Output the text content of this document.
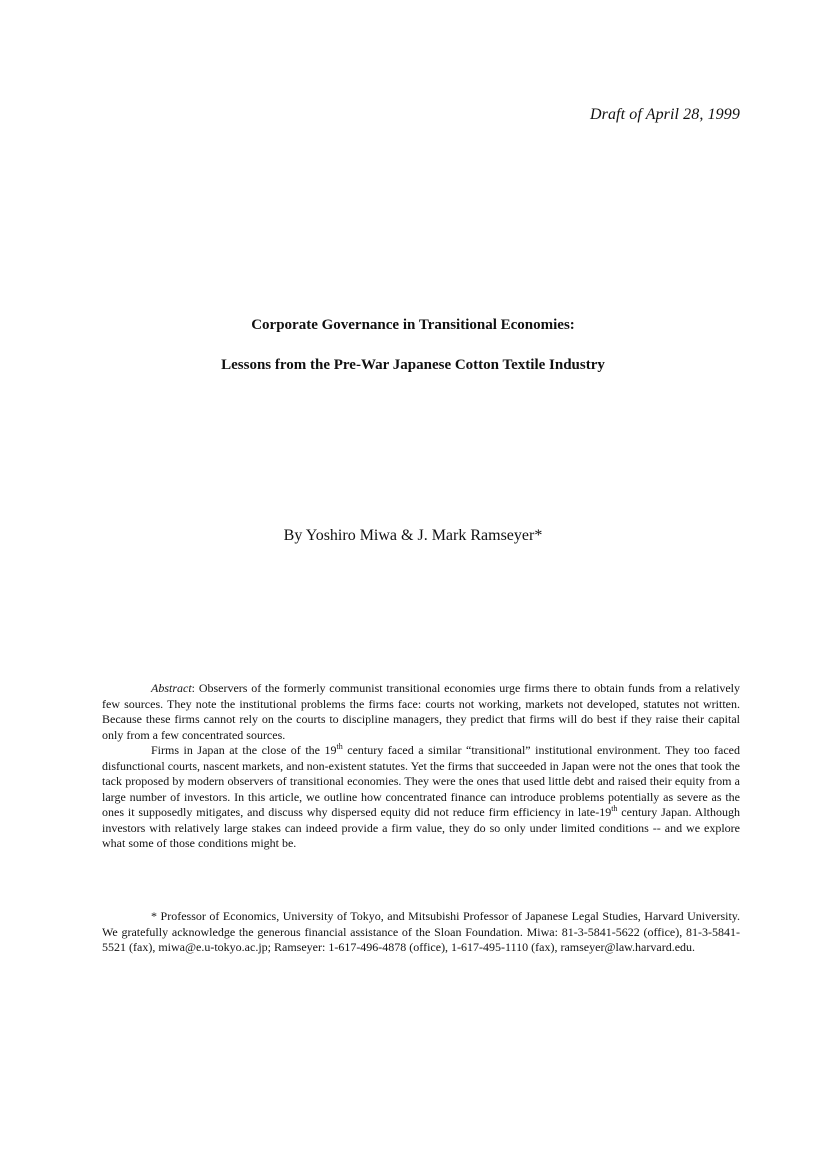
Draft of April 28, 1999
Corporate Governance in Transitional Economies:
Lessons from the Pre-War Japanese Cotton Textile Industry
By Yoshiro Miwa & J. Mark Ramseyer*

Abstract: Observers of the formerly communist transitional economies urge firms there to obtain funds from a relatively few sources. They note the institutional problems the firms face: courts not working, markets not developed, statutes not written. Because these firms cannot rely on the courts to discipline managers, they predict that firms will do best if they raise their capital only from a few concentrated sources.

Firms in Japan at the close of the 19th century faced a similar “transitional” institutional environment. They too faced disfunctional courts, nascent markets, and non-existent statutes. Yet the firms that succeeded in Japan were not the ones that took the tack proposed by modern observers of transitional economies. They were the ones that used little debt and raised their equity from a large number of investors. In this article, we outline how concentrated finance can introduce problems potentially as severe as the ones it supposedly mitigates, and discuss why dispersed equity did not reduce firm efficiency in late-19th century Japan. Although investors with relatively large stakes can indeed provide a firm value, they do so only under limited conditions -- and we explore what some of those conditions might be.

* Professor of Economics, University of Tokyo, and Mitsubishi Professor of Japanese Legal Studies, Harvard University. We gratefully acknowledge the generous financial assistance of the Sloan Foundation. Miwa: 81-3-5841-5622 (office), 81-3-5841-5521 (fax), miwa@e.u-tokyo.ac.jp; Ramseyer: 1-617-496-4878 (office), 1-617-495-1110 (fax), ramseyer@law.harvard.edu.
